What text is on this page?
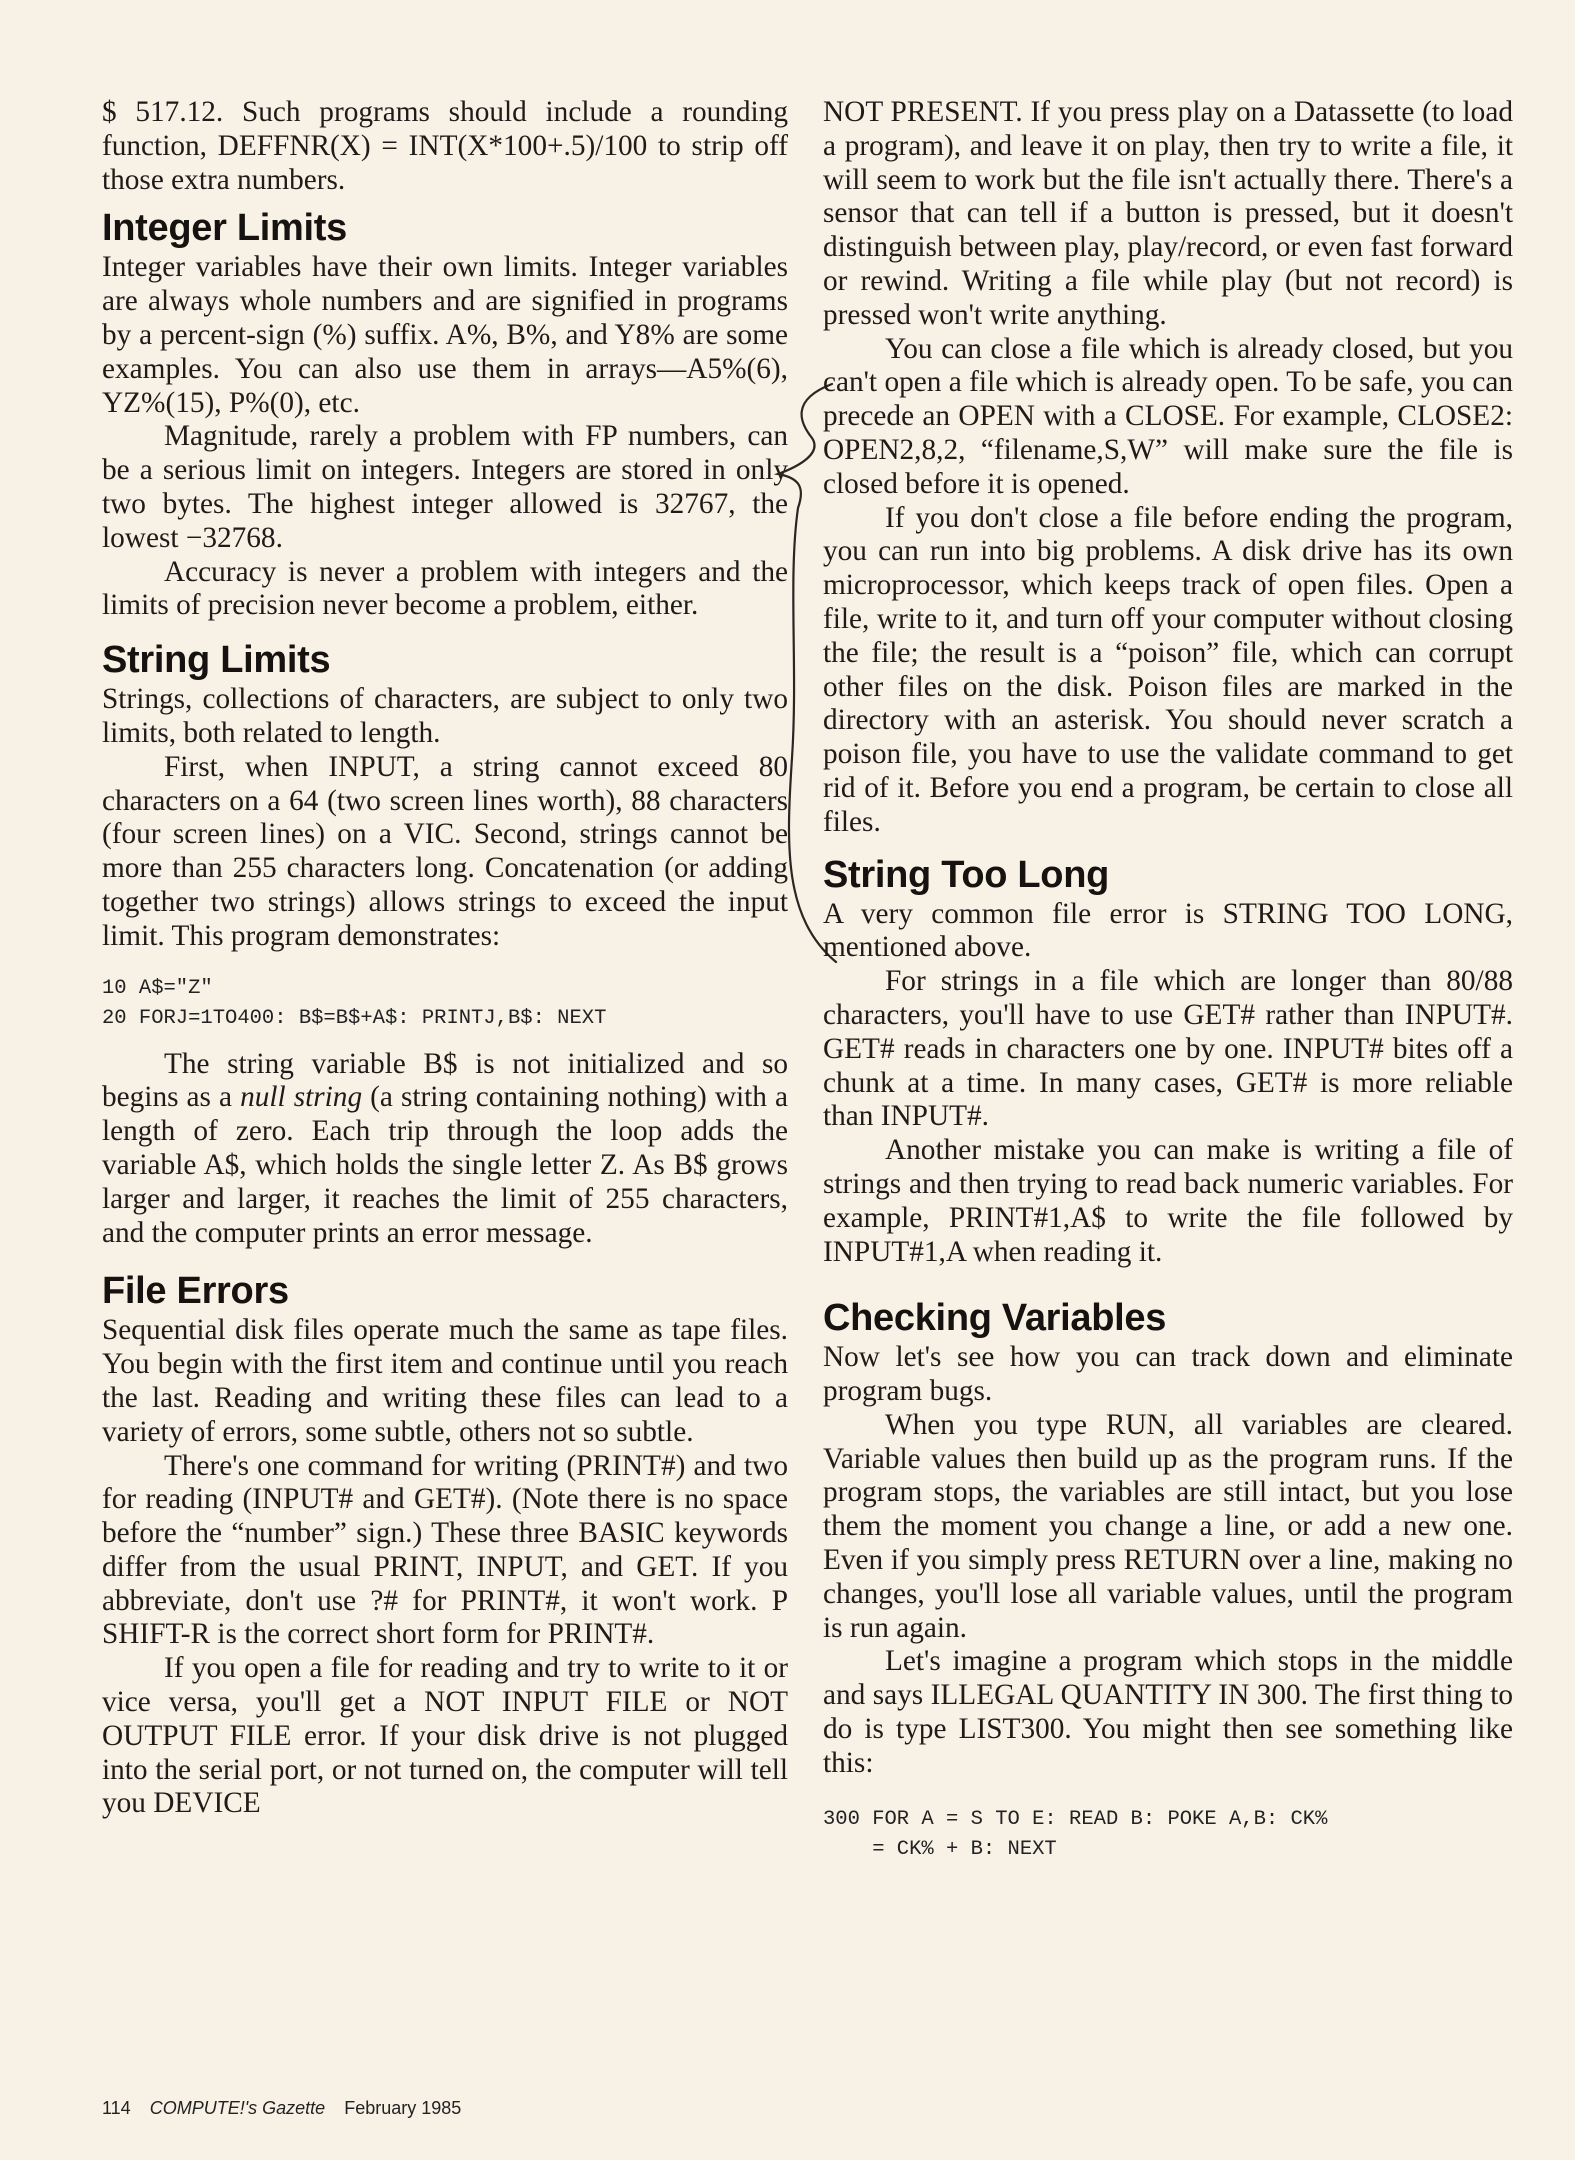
$ 517.12. Such programs should include a rounding function, DEFFNR(X) = INT(X*100+.5)/100 to strip off those extra numbers.

Integer Limits

Integer variables have their own limits. Integer variables are always whole numbers and are signified in programs by a percent-sign (%) suffix. A%, B%, and Y8% are some examples. You can also use them in arrays—A5%(6), YZ%(15), P%(0), etc.

Magnitude, rarely a problem with FP numbers, can be a serious limit on integers. Integers are stored in only two bytes. The highest integer allowed is 32767, the lowest −32768.

Accuracy is never a problem with integers and the limits of precision never become a problem, either.

String Limits

Strings, collections of characters, are subject to only two limits, both related to length.

First, when INPUT, a string cannot exceed 80 characters on a 64 (two screen lines worth), 88 characters (four screen lines) on a VIC. Second, strings cannot be more than 255 characters long. Concatenation (or adding together two strings) allows strings to exceed the input limit. This program demonstrates:

10 A$="Z"
20 FORJ=1TO400: B$=B$+A$: PRINTJ,B$: NEXT

The string variable B$ is not initialized and so begins as a null string (a string containing nothing) with a length of zero. Each trip through the loop adds the variable A$, which holds the single letter Z. As B$ grows larger and larger, it reaches the limit of 255 characters, and the computer prints an error message.

File Errors

Sequential disk files operate much the same as tape files. You begin with the first item and continue until you reach the last. Reading and writing these files can lead to a variety of errors, some subtle, others not so subtle.

There's one command for writing (PRINT#) and two for reading (INPUT# and GET#). (Note there is no space before the “number” sign.) These three BASIC keywords differ from the usual PRINT, INPUT, and GET. If you abbreviate, don't use ?# for PRINT#, it won't work. P SHIFT-R is the correct short form for PRINT#.

If you open a file for reading and try to write to it or vice versa, you'll get a NOT INPUT FILE or NOT OUTPUT FILE error. If your disk drive is not plugged into the serial port, or not turned on, the computer will tell you DEVICE

NOT PRESENT. If you press play on a Datassette (to load a program), and leave it on play, then try to write a file, it will seem to work but the file isn't actually there. There's a sensor that can tell if a button is pressed, but it doesn't distinguish between play, play/record, or even fast forward or rewind. Writing a file while play (but not record) is pressed won't write anything.

You can close a file which is already closed, but you can't open a file which is already open. To be safe, you can precede an OPEN with a CLOSE. For example, CLOSE2: OPEN2,8,2, “filename,S,W” will make sure the file is closed before it is opened.

If you don't close a file before ending the program, you can run into big problems. A disk drive has its own microprocessor, which keeps track of open files. Open a file, write to it, and turn off your computer without closing the file; the result is a “poison” file, which can corrupt other files on the disk. Poison files are marked in the directory with an asterisk. You should never scratch a poison file, you have to use the validate command to get rid of it. Before you end a program, be certain to close all files.

String Too Long

A very common file error is STRING TOO LONG, mentioned above.

For strings in a file which are longer than 80/88 characters, you'll have to use GET# rather than INPUT#. GET# reads in characters one by one. INPUT# bites off a chunk at a time. In many cases, GET# is more reliable than INPUT#.

Another mistake you can make is writing a file of strings and then trying to read back numeric variables. For example, PRINT#1,A$ to write the file followed by INPUT#1,A when reading it.

Checking Variables

Now let's see how you can track down and eliminate program bugs.

When you type RUN, all variables are cleared. Variable values then build up as the program runs. If the program stops, the variables are still intact, but you lose them the moment you change a line, or add a new one. Even if you simply press RETURN over a line, making no changes, you'll lose all variable values, until the program is run again.

Let's imagine a program which stops in the middle and says ILLEGAL QUANTITY IN 300. The first thing to do is type LIST300. You might then see something like this:

300 FOR A = S TO E: READ B: POKE A,B: CK%
= CK% + B: NEXT
114 COMPUTE!'s Gazette February 1985
